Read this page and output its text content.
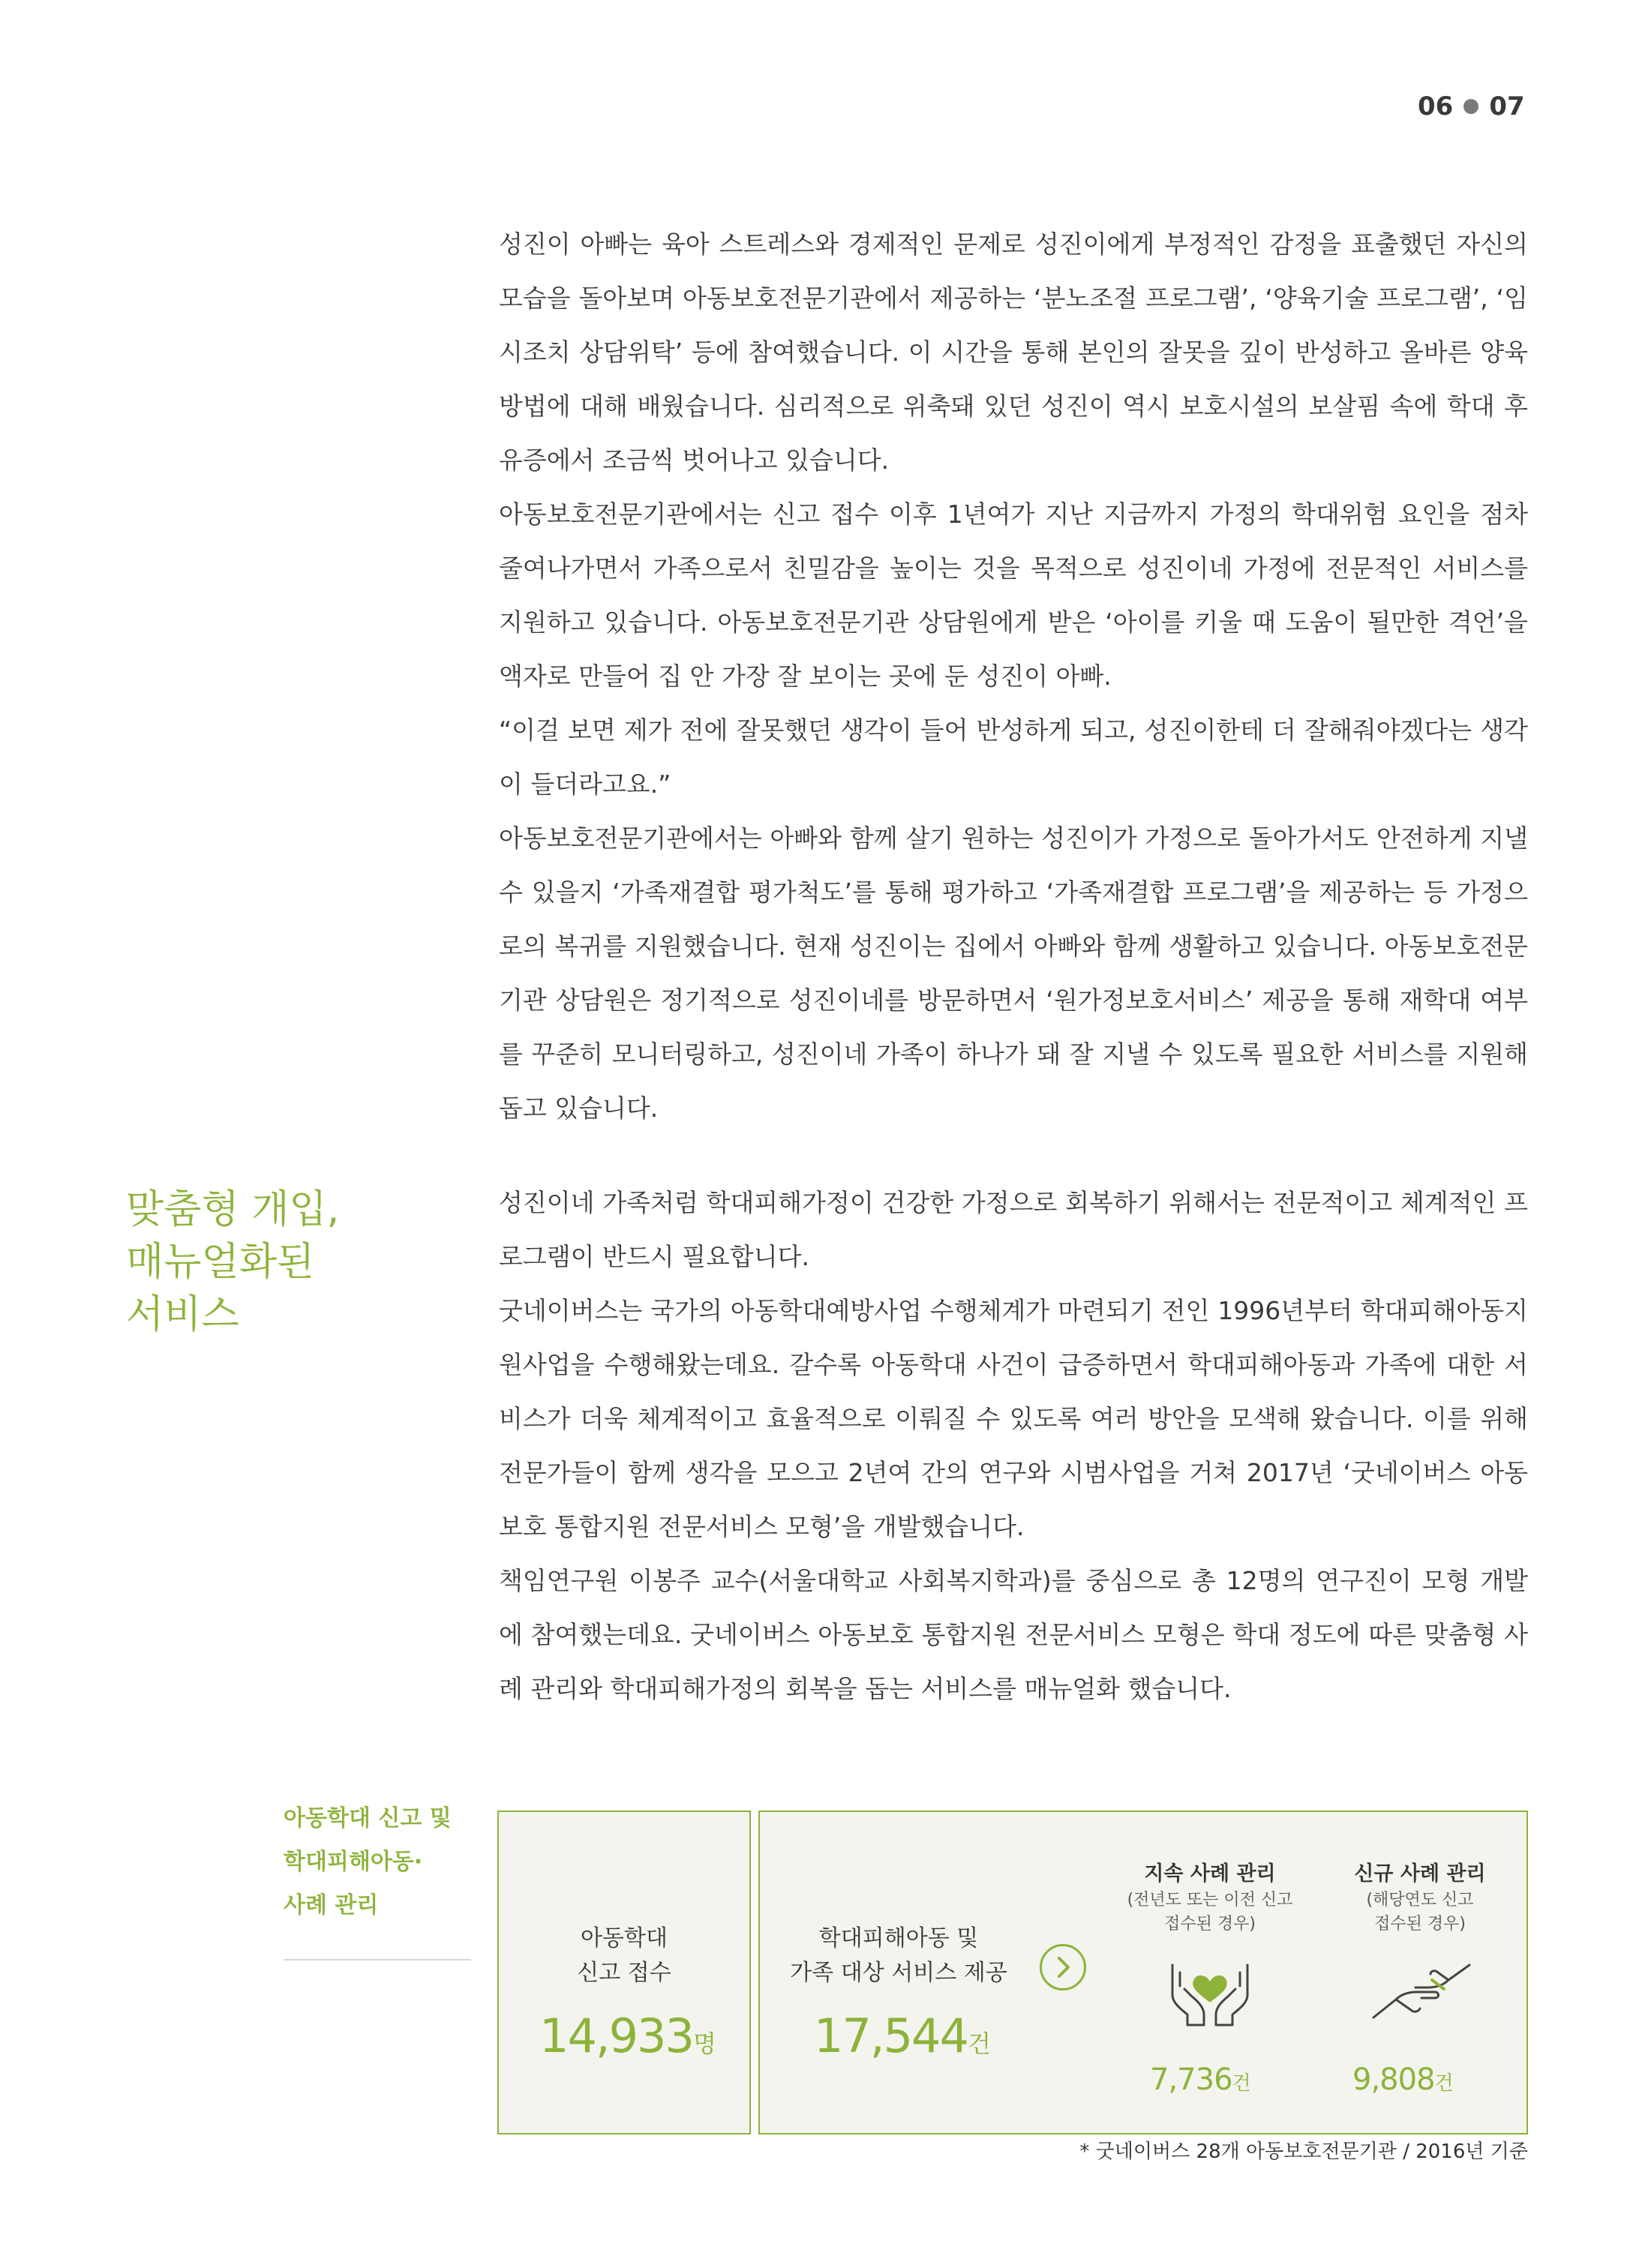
06 07

성진이 아빠는 육아 스트레스와 경제적인 문제로 성진이에게 부정적인 감정을 표출했던 자신의 모습을 돌아보며 아동보호전문기관에서 제공하는 ‘분노조절 프로그램’, ‘양육기술 프로그램’, ‘임시조치 상담위탁’ 등에 참여했습니다. 이 시간을 통해 본인의 잘못을 깊이 반성하고 올바른 양육 방법에 대해 배웠습니다. 심리적으로 위축돼 있던 성진이 역시 보호시설의 보살핌 속에 학대 후유증에서 조금씩 벗어나고 있습니다.

아동보호전문기관에서는 신고 접수 이후 1년여가 지난 지금까지 가정의 학대위험 요인을 점차 줄여나가면서 가족으로서 친밀감을 높이는 것을 목적으로 성진이네 가정에 전문적인 서비스를 지원하고 있습니다. 아동보호전문기관 상담원에게 받은 ‘아이를 키울 때 도움이 될만한 격언’을 액자로 만들어 집 안 가장 잘 보이는 곳에 둔 성진이 아빠.

“이걸 보면 제가 전에 잘못했던 생각이 들어 반성하게 되고, 성진이한테 더 잘해줘야겠다는 생각이 들더라고요.”

아동보호전문기관에서는 아빠와 함께 살기 원하는 성진이가 가정으로 돌아가서도 안전하게 지낼 수 있을지 ‘가족재결합 평가척도’를 통해 평가하고 ‘가족재결합 프로그램’을 제공하는 등 가정으로의 복귀를 지원했습니다. 현재 성진이는 집에서 아빠와 함께 생활하고 있습니다. 아동보호전문기관 상담원은 정기적으로 성진이네를 방문하면서 ‘원가정보호서비스’ 제공을 통해 재학대 여부를 꾸준히 모니터링하고, 성진이네 가족이 하나가 돼 잘 지낼 수 있도록 필요한 서비스를 지원해 돕고 있습니다.

맞춤형 개입,
매뉴얼화된
서비스

성진이네 가족처럼 학대피해가정이 건강한 가정으로 회복하기 위해서는 전문적이고 체계적인 프로그램이 반드시 필요합니다.

굿네이버스는 국가의 아동학대예방사업 수행체계가 마련되기 전인 1996년부터 학대피해아동지원사업을 수행해왔는데요. 갈수록 아동학대 사건이 급증하면서 학대피해아동과 가족에 대한 서비스가 더욱 체계적이고 효율적으로 이뤄질 수 있도록 여러 방안을 모색해 왔습니다. 이를 위해 전문가들이 함께 생각을 모으고 2년여 간의 연구와 시범사업을 거쳐 2017년 ‘굿네이버스 아동보호 통합지원 전문서비스 모형’을 개발했습니다.

책임연구원 이봉주 교수(서울대학교 사회복지학과)를 중심으로 총 12명의 연구진이 모형 개발에 참여했는데요. 굿네이버스 아동보호 통합지원 전문서비스 모형은 학대 정도에 따른 맞춤형 사례 관리와 학대피해가정의 회복을 돕는 서비스를 매뉴얼화 했습니다.

아동학대 신고 및
학대피해아동·
사례 관리
아동학대
신고 접수
14,933명
학대피해아동 및
가족 대상 서비스 제공
17,544건
지속 사례 관리
(전년도 또는 이전 신고
접수된 경우)
7,736건
신규 사례 관리
(해당연도 신고
접수된 경우)
9,808건
* 굿네이버스 28개 아동보호전문기관 / 2016년 기준
